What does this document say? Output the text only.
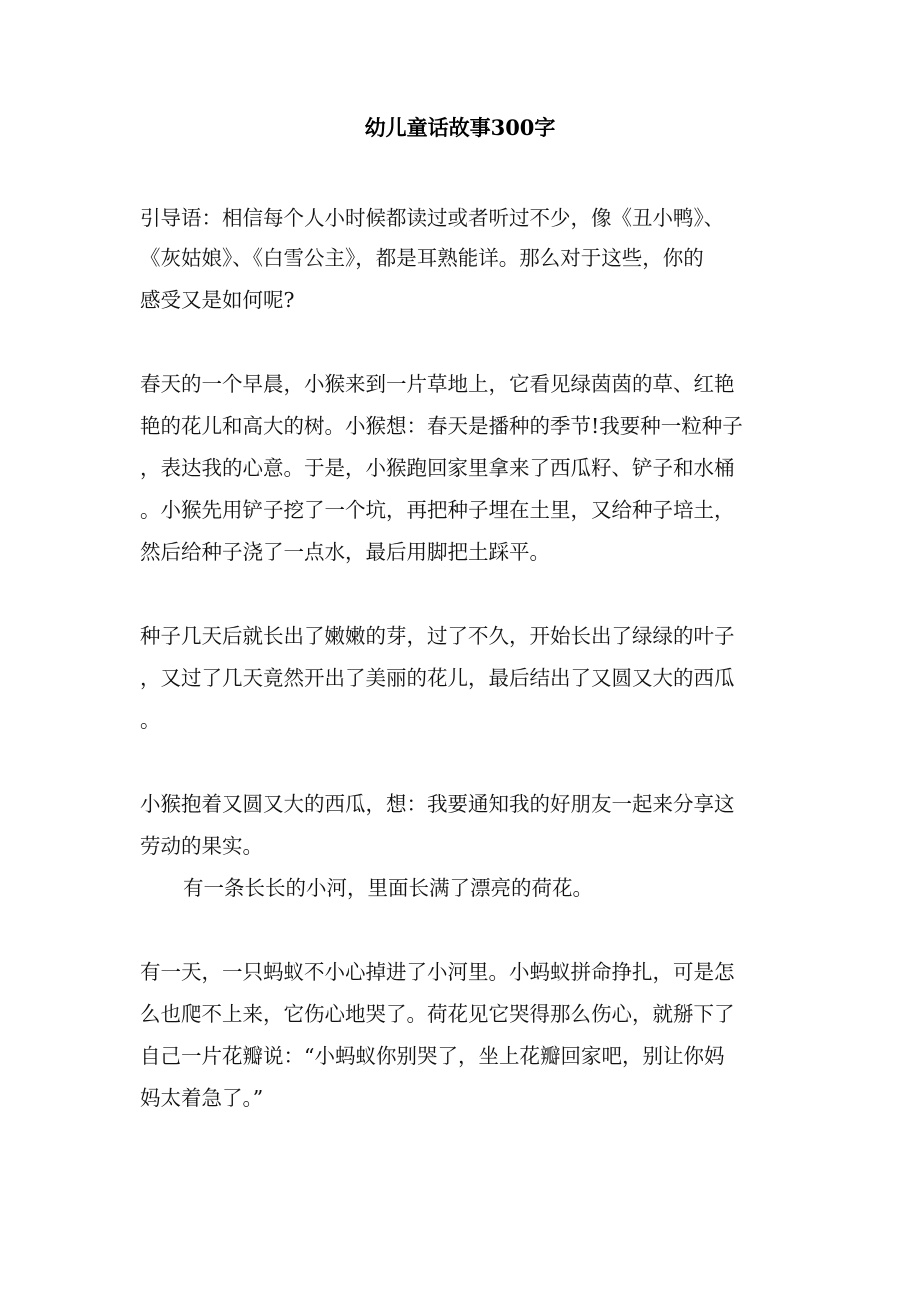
幼儿童话故事300字
引导语：相信每个人小时候都读过或者听过不少，像《丑小鸭》、
《灰姑娘》、《白雪公主》，都是耳熟能详。那么对于这些，你的
感受又是如何呢?
春天的一个早晨，小猴来到一片草地上，它看见绿茵茵的草、红艳
艳的花儿和高大的树。小猴想：春天是播种的季节!我要种一粒种子
，表达我的心意。于是，小猴跑回家里拿来了西瓜籽、铲子和水桶
。小猴先用铲子挖了一个坑，再把种子埋在土里，又给种子培土，
然后给种子浇了一点水，最后用脚把土踩平。
种子几天后就长出了嫩嫩的芽，过了不久，开始长出了绿绿的叶子
，又过了几天竟然开出了美丽的花儿，最后结出了又圆又大的西瓜
。
小猴抱着又圆又大的西瓜，想：我要通知我的好朋友一起来分享这
劳动的果实。
有一条长长的小河，里面长满了漂亮的荷花。
有一天，一只蚂蚁不小心掉进了小河里。小蚂蚁拼命挣扎，可是怎
么也爬不上来，它伤心地哭了。荷花见它哭得那么伤心，就掰下了
自己一片花瓣说：“小蚂蚁你别哭了，坐上花瓣回家吧，别让你妈
妈太着急了。”
